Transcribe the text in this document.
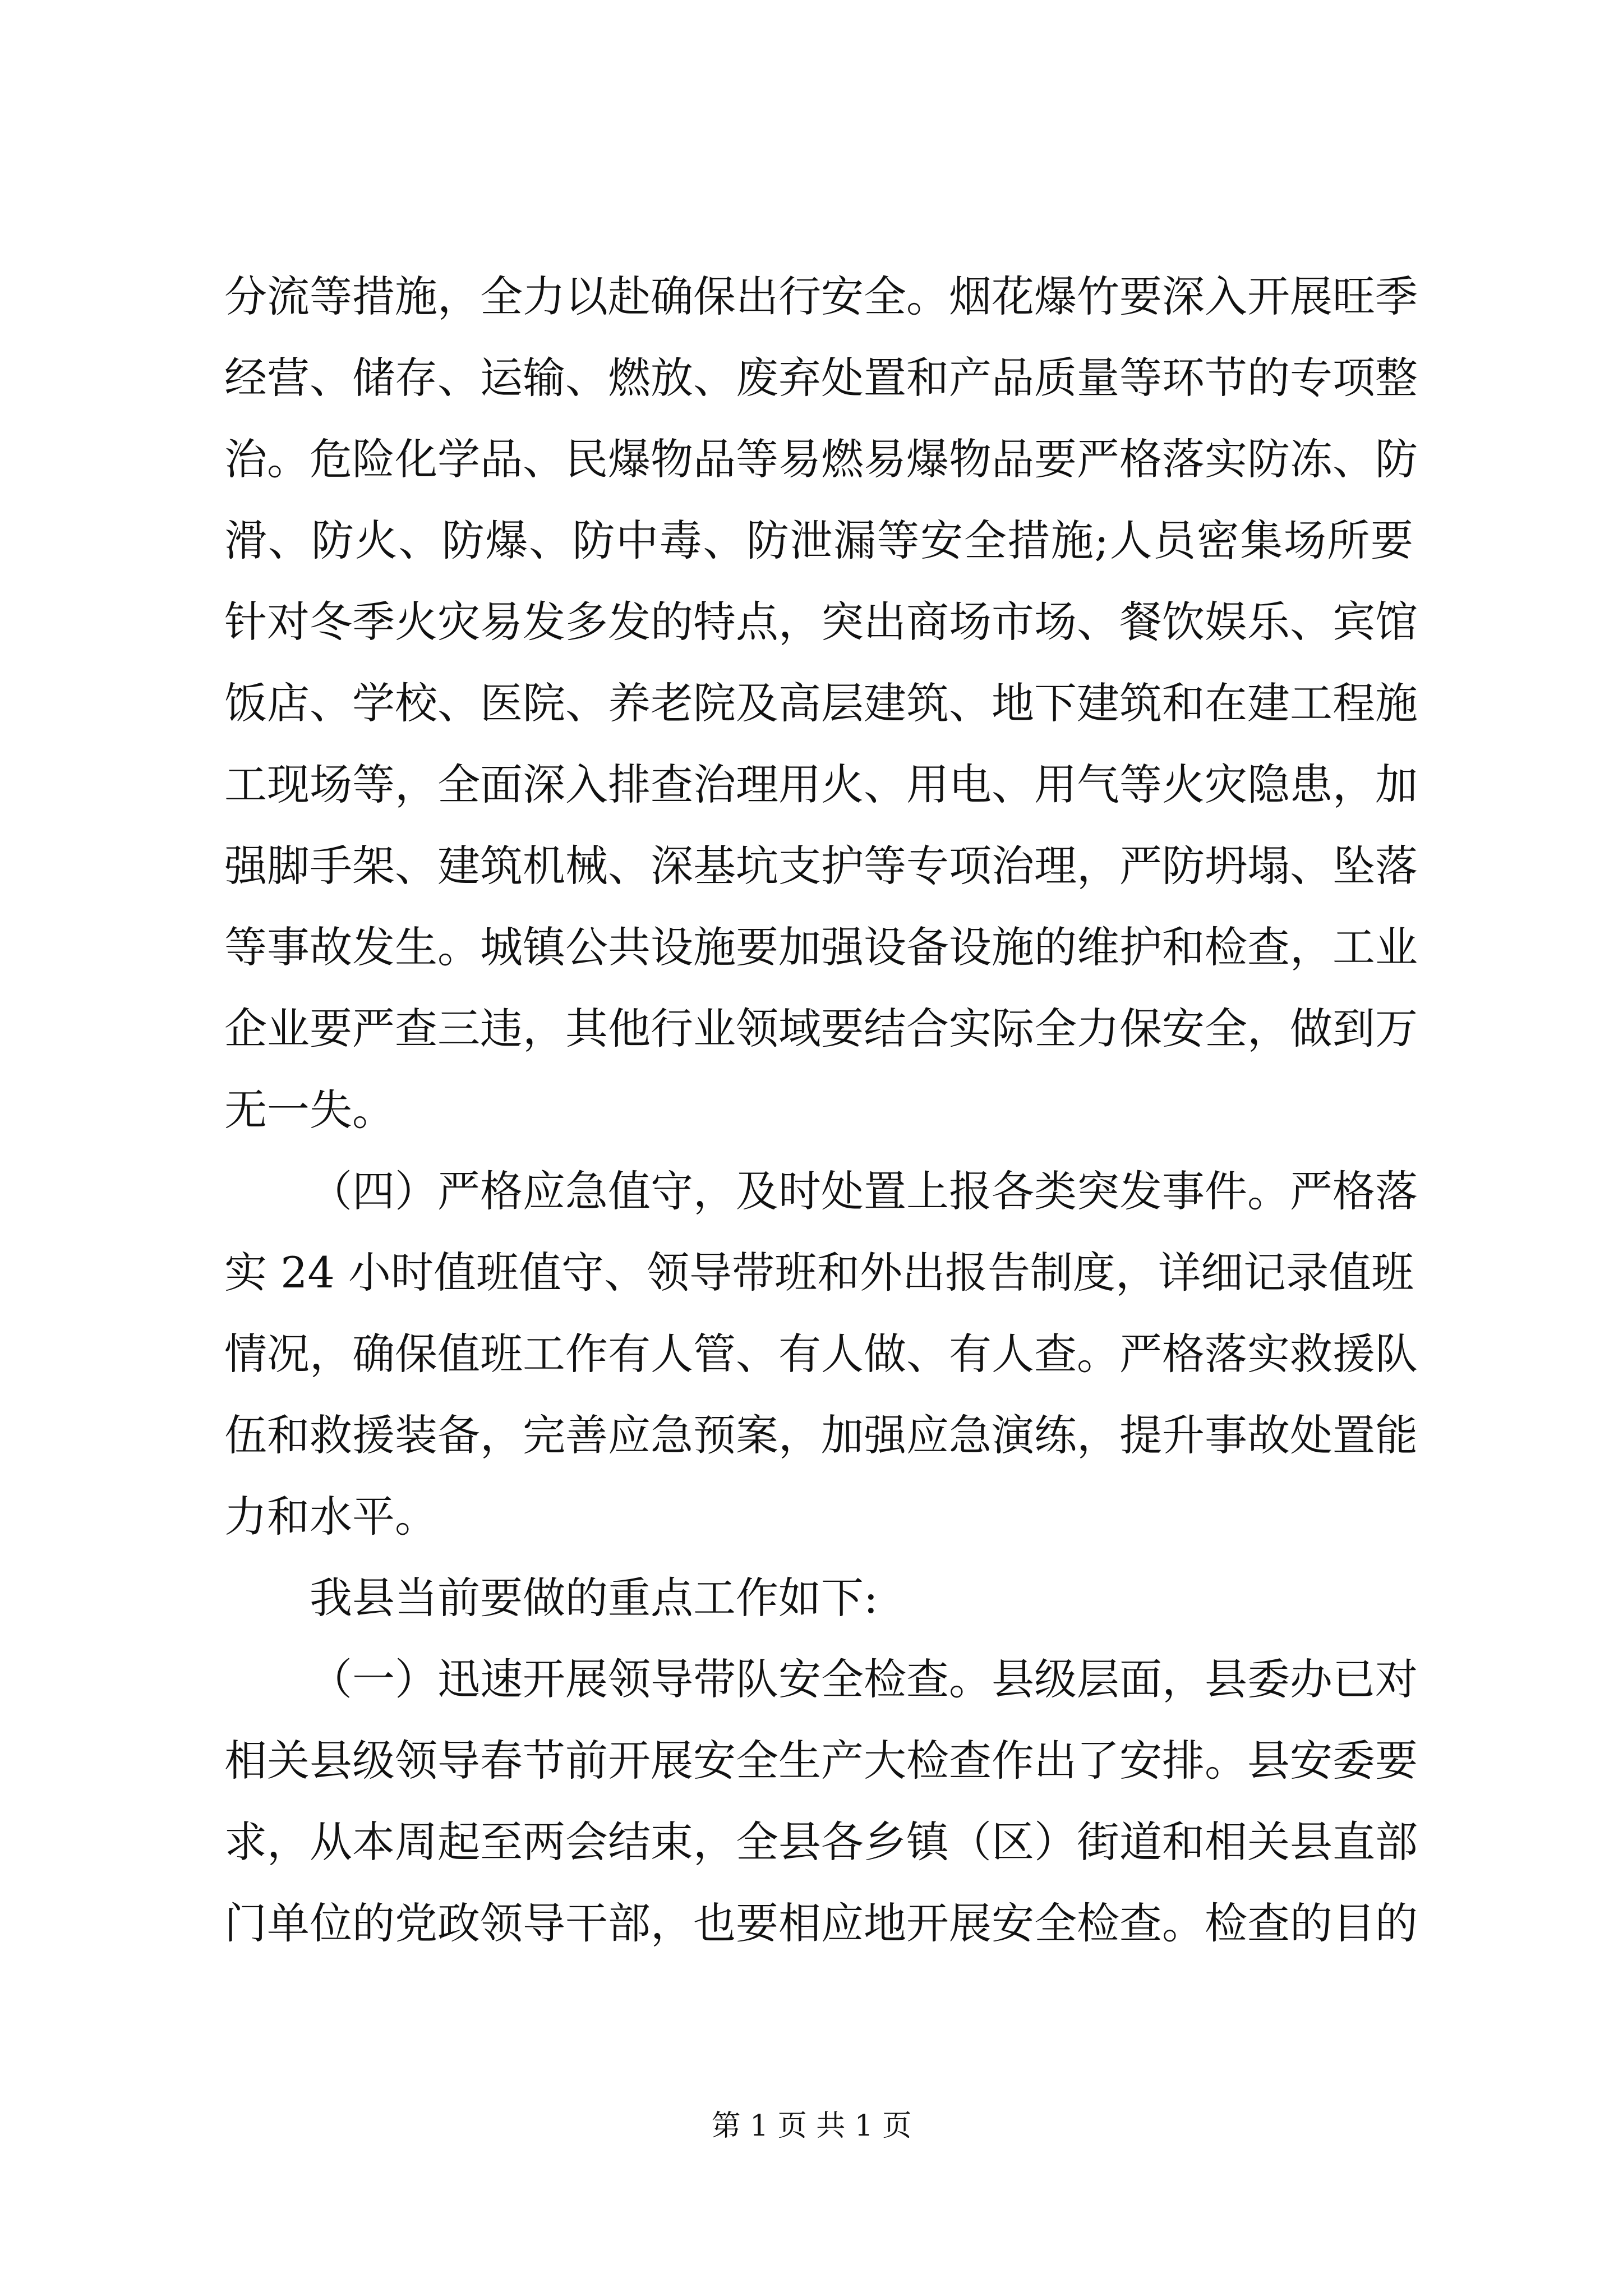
分流等措施，全力以赴确保出行安全。烟花爆竹要深入开展旺季
经营、储存、运输、燃放、废弃处置和产品质量等环节的专项整
治。危险化学品、民爆物品等易燃易爆物品要严格落实防冻、防
滑、防火、防爆、防中毒、防泄漏等安全措施;人员密集场所要
针对冬季火灾易发多发的特点，突出商场市场、餐饮娱乐、宾馆
饭店、学校、医院、养老院及高层建筑、地下建筑和在建工程施
工现场等，全面深入排查治理用火、用电、用气等火灾隐患，加
强脚手架、建筑机械、深基坑支护等专项治理，严防坍塌、坠落
等事故发生。城镇公共设施要加强设备设施的维护和检查，工业
企业要严查三违，其他行业领域要结合实际全力保安全，做到万
无一失。
（四）严格应急值守，及时处置上报各类突发事件。严格落
实 24 小时值班值守、领导带班和外出报告制度，详细记录值班
情况，确保值班工作有人管、有人做、有人查。严格落实救援队
伍和救援装备，完善应急预案，加强应急演练，提升事故处置能
力和水平。
我县当前要做的重点工作如下:
（一）迅速开展领导带队安全检查。县级层面，县委办已对
相关县级领导春节前开展安全生产大检查作出了安排。县安委要
求，从本周起至两会结束，全县各乡镇（区）街道和相关县直部
门单位的党政领导干部，也要相应地开展安全检查。检查的目的
第 1 页 共 1 页
